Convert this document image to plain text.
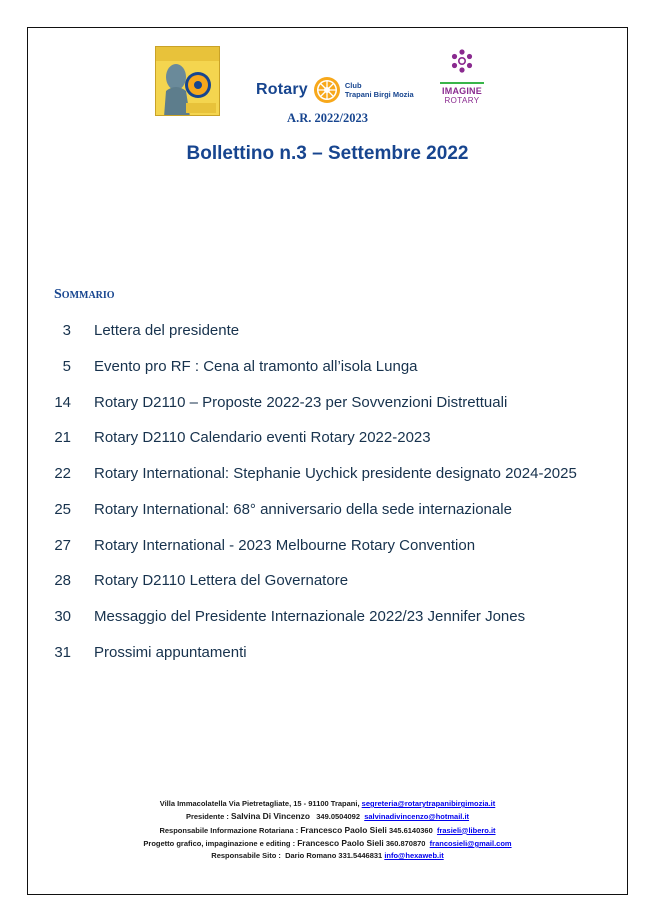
Rotary	Club
Trapani Birgi Mozia	IMAGINE
ROTARY
A.R. 2022/2023
Bollettino n.3 – Settembre 2022
Sommario
3 Lettera del presidente
5 Evento pro RF : Cena al tramonto all’isola Lunga
14 Rotary D2110 – Proposte 2022-23 per Sovvenzioni Distrettuali
21 Rotary D2110 Calendario eventi Rotary 2022-2023
22 Rotary International: Stephanie Uychick presidente designato 2024-2025
25 Rotary International: 68° anniversario della sede internazionale
27 Rotary International - 2023 Melbourne Rotary Convention
28 Rotary D2110 Lettera del Governatore
30 Messaggio del Presidente Internazionale 2022/23 Jennifer Jones
31 Prossimi appuntamenti
Villa Immacolatella Via Pietretagliate, 15 - 91100 Trapani, segreteria@rotarytrapanibirgimozia.it
Presidente : Salvina Di Vincenzo 349.0504092 salvinadivincenzo@hotmail.it
Responsabile Informazione Rotariana : Francesco Paolo Sieli 345.6140360 frasieli@libero.it
Progetto grafico, impaginazione e editing : Francesco Paolo Sieli 360.870870 francosieli@gmail.com
Responsabile Sito : Dario Romano 331.5446831 info@hexaweb.it
